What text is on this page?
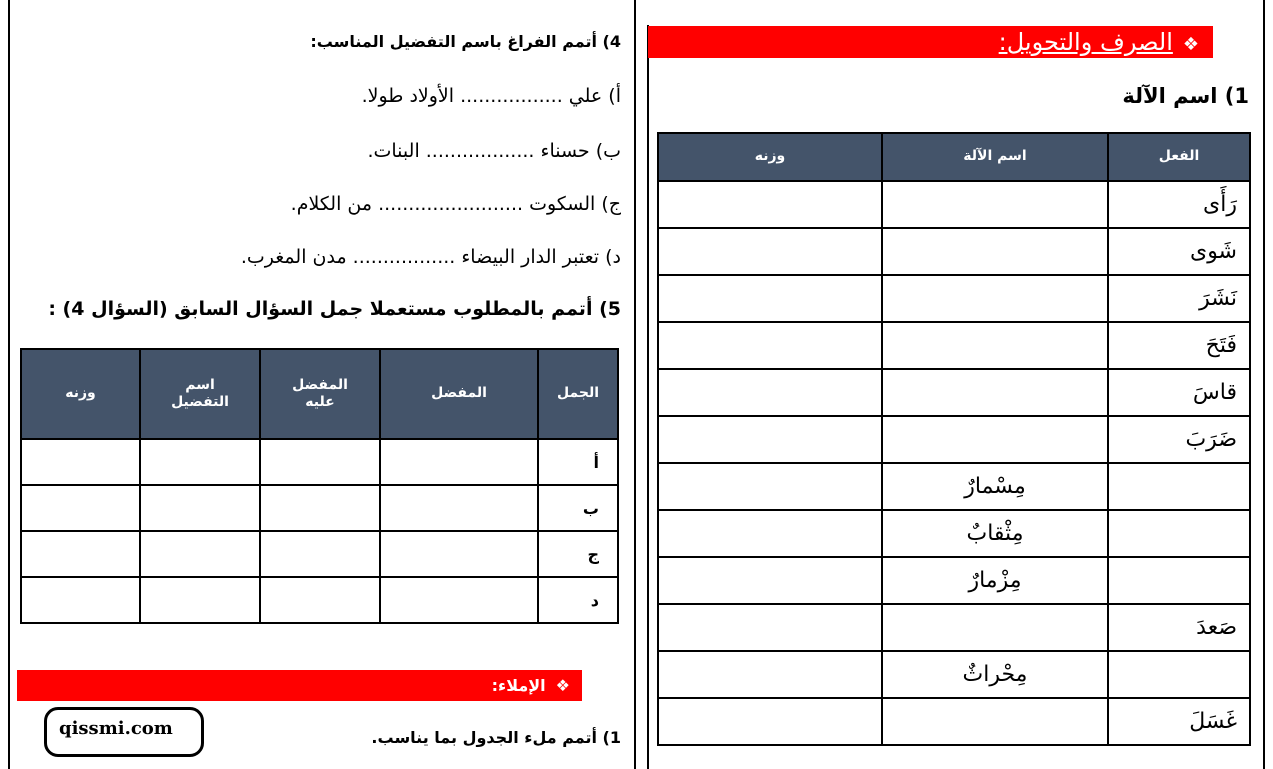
❖الصرف والتحويل:
1) اسم الآلة
الفعل	اسم الآلة	وزنه
رَأَى		
شَوى		
نَشَرَ		
فَتَحَ		
قاسَ		
ضَرَبَ		
	مِسْمارٌ	
	مِثْقابٌ	
	مِزْمارٌ	
صَعدَ		
	مِحْراثٌ	
غَسَلَ		
4) أتمم الفراغ باسم التفضيل المناسب:
أ) علي ................. الأولاد طولا.
ب) حسناء .................. البنات.
ج) السكوت ........................ من الكلام.
د) تعتبر الدار البيضاء ................. مدن المغرب.
5) أتمم بالمطلوب مستعملا جمل السؤال السابق (السؤال 4) :
الجمل	المفضل	المفضل عليه	اسم التفضيل	وزنه
أ				
ب				
ج				
د				
❖الإملاء:
1) أتمم ملء الجدول بما يناسب.
qissmi.com
